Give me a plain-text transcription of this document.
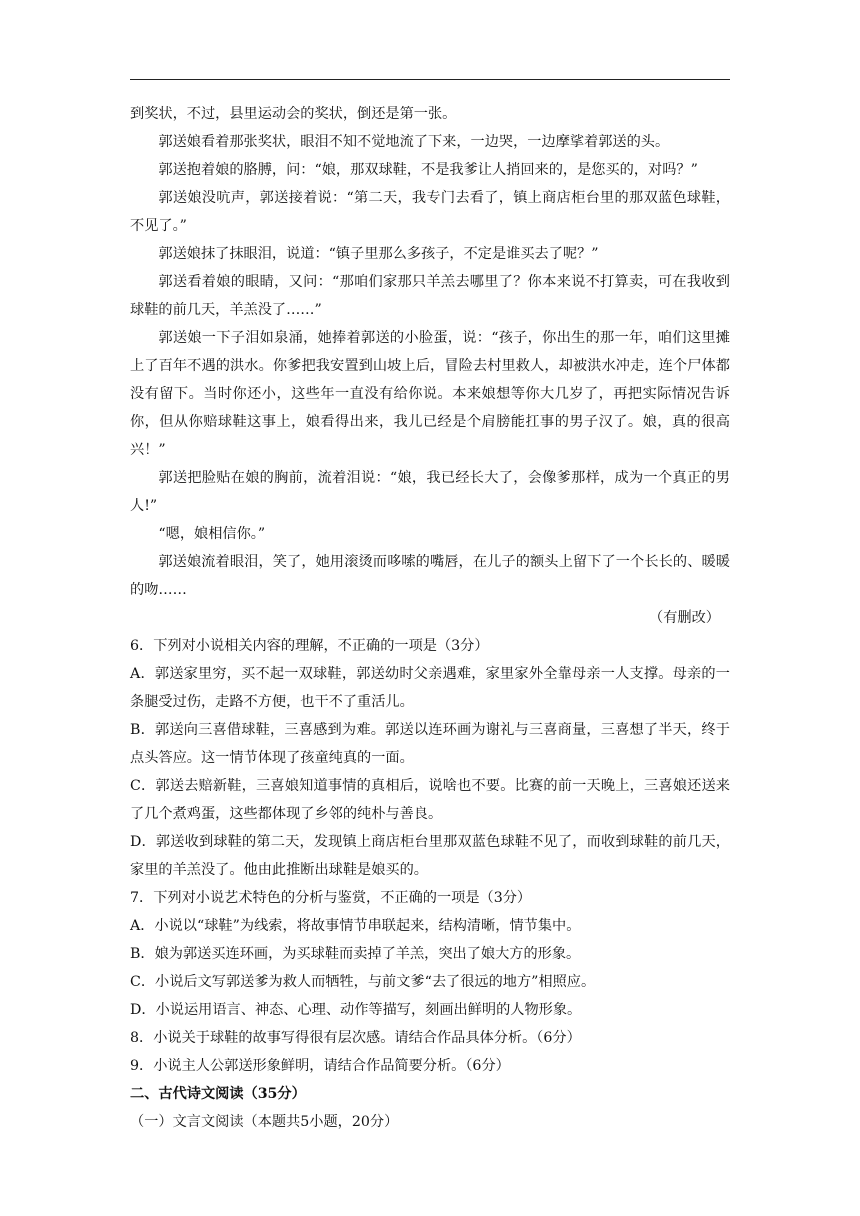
到奖状，不过，县里运动会的奖状，倒还是第一张。

郭送娘看着那张奖状，眼泪不知不觉地流了下来，一边哭，一边摩挲着郭送的头。

郭送抱着娘的胳膊，问：“娘，那双球鞋，不是我爹让人捎回来的，是您买的，对吗？”

郭送娘没吭声，郭送接着说：“第二天，我专门去看了，镇上商店柜台里的那双蓝色球鞋，不见了。”

郭送娘抹了抹眼泪，说道：“镇子里那么多孩子，不定是谁买去了呢？”

郭送看着娘的眼睛，又问：“那咱们家那只羊羔去哪里了？你本来说不打算卖，可在我收到球鞋的前几天，羊羔没了……”

郭送娘一下子泪如泉涌，她捧着郭送的小脸蛋，说：“孩子，你出生的那一年，咱们这里摊上了百年不遇的洪水。你爹把我安置到山坡上后，冒险去村里救人，却被洪水冲走，连个尸体都没有留下。当时你还小，这些年一直没有给你说。本来娘想等你大几岁了，再把实际情况告诉你，但从你赔球鞋这事上，娘看得出来，我儿已经是个肩膀能扛事的男子汉了。娘，真的很高兴！”

郭送把脸贴在娘的胸前，流着泪说：“娘，我已经长大了，会像爹那样，成为一个真正的男人!”

“嗯，娘相信你。”

郭送娘流着眼泪，笑了，她用滚烫而哆嗦的嘴唇，在儿子的额头上留下了一个长长的、暖暖的吻……

（有删改）

6．下列对小说相关内容的理解，不正确的一项是（3分）

A．郭送家里穷，买不起一双球鞋，郭送幼时父亲遇难，家里家外全靠母亲一人支撑。母亲的一条腿受过伤，走路不方便，也干不了重活儿。

B．郭送向三喜借球鞋，三喜感到为难。郭送以连环画为谢礼与三喜商量，三喜想了半天，终于点头答应。这一情节体现了孩童纯真的一面。

C．郭送去赔新鞋，三喜娘知道事情的真相后，说啥也不要。比赛的前一天晚上，三喜娘还送来了几个煮鸡蛋，这些都体现了乡邻的纯朴与善良。

D．郭送收到球鞋的第二天，发现镇上商店柜台里那双蓝色球鞋不见了，而收到球鞋的前几天，家里的羊羔没了。他由此推断出球鞋是娘买的。

7．下列对小说艺术特色的分析与鉴赏，不正确的一项是（3分）

A．小说以“球鞋”为线索，将故事情节串联起来，结构清晰，情节集中。

B．娘为郭送买连环画，为买球鞋而卖掉了羊羔，突出了娘大方的形象。

C．小说后文写郭送爹为救人而牺牲，与前文爹“去了很远的地方”相照应。

D．小说运用语言、神态、心理、动作等描写，刻画出鲜明的人物形象。

8．小说关于球鞋的故事写得很有层次感。请结合作品具体分析。（6分）

9．小说主人公郭送形象鲜明，请结合作品简要分析。（6分）

二、古代诗文阅读（35分）

（一）文言文阅读（本题共5小题，20分）
